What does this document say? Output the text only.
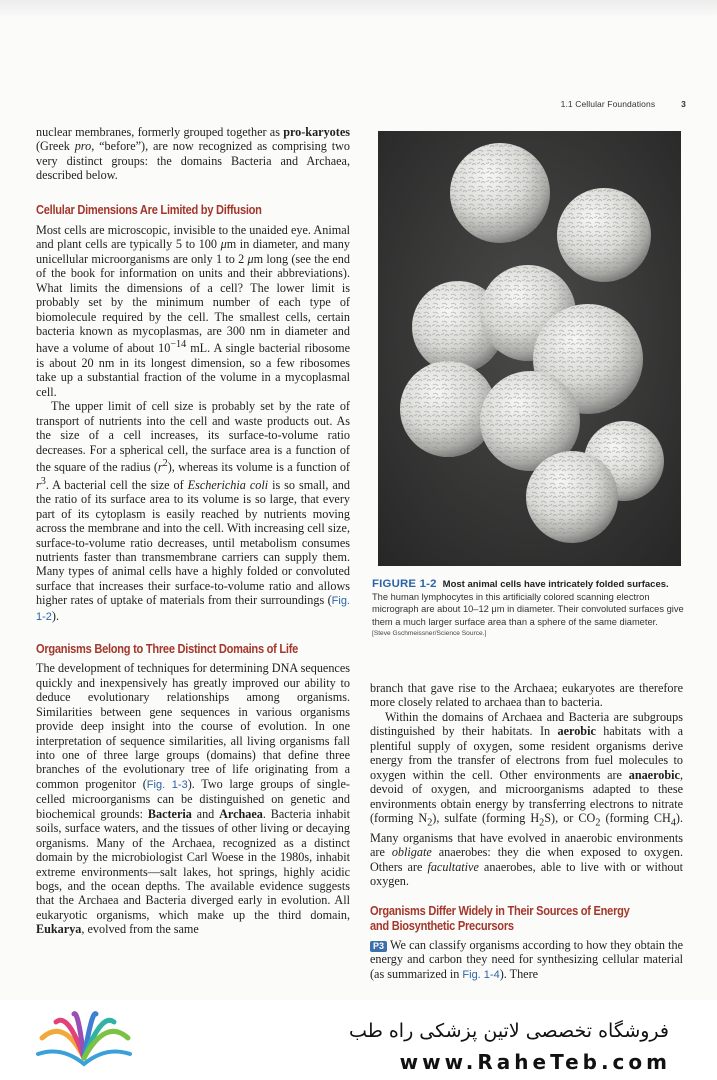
1.1 Cellular Foundations	3

nuclear membranes, formerly grouped together as pro-karyotes (Greek pro, “before”), are now recognized as comprising two very distinct groups: the domains Bacteria and Archaea, described below.

Cellular Dimensions Are Limited by Diffusion

Most cells are microscopic, invisible to the unaided eye. Animal and plant cells are typically 5 to 100 μm in diameter, and many unicellular microorganisms are only 1 to 2 μm long (see the end of the book for information on units and their abbreviations). What limits the dimensions of a cell? The lower limit is probably set by the minimum number of each type of biomolecule required by the cell. The smallest cells, certain bacteria known as mycoplasmas, are 300 nm in diameter and have a volume of about $10^{-14}$ mL. A single bacterial ribosome is about 20 nm in its longest dimension, so a few ribosomes take up a substantial fraction of the volume in a mycoplasmal cell.

The upper limit of cell size is probably set by the rate of transport of nutrients into the cell and waste products out. As the size of a cell increases, its surface-to-volume ratio decreases. For a spherical cell, the surface area is a function of the square of the radius $(r^2)$, whereas its volume is a function of $r^3$. A bacterial cell the size of Escherichia coli is so small, and the ratio of its surface area to its volume is so large, that every part of its cytoplasm is easily reached by nutrients moving across the membrane and into the cell. With increasing cell size, surface-to-volume ratio decreases, until metabolism consumes nutrients faster than transmembrane carriers can supply them. Many types of animal cells have a highly folded or convoluted surface that increases their surface-to-volume ratio and allows higher rates of uptake of materials from their surroundings (Fig. 1-2).

Organisms Belong to Three Distinct Domains of Life

The development of techniques for determining DNA sequences quickly and inexpensively has greatly improved our ability to deduce evolutionary relationships among organisms. Similarities between gene sequences in various organisms provide deep insight into the course of evolution. In one interpretation of sequence similarities, all living organisms fall into one of three large groups (domains) that define three branches of the evolutionary tree of life originating from a common progenitor (Fig. 1-3). Two large groups of single-celled microorganisms can be distinguished on genetic and biochemical grounds: Bacteria and Archaea. Bacteria inhabit soils, surface waters, and the tissues of other living or decaying organisms. Many of the Archaea, recognized as a distinct domain by the microbiologist Carl Woese in the 1980s, inhabit extreme environments—salt lakes, hot springs, highly acidic bogs, and the ocean depths. The available evidence suggests that the Archaea and Bacteria diverged early in evolution. All eukaryotic organisms, which make up the third domain, Eukarya, evolved from the same

FIGURE 1-2 Most animal cells have intricately folded surfaces.
The human lymphocytes in this artificially colored scanning electron micrograph are about 10–12 μm in diameter. Their convoluted surfaces give them a much larger surface area than a sphere of the same diameter.
[Steve Gschmeissner/Science Source.]

branch that gave rise to the Archaea; eukaryotes are therefore more closely related to archaea than to bacteria.

Within the domains of Archaea and Bacteria are subgroups distinguished by their habitats. In aerobic habitats with a plentiful supply of oxygen, some resident organisms derive energy from the transfer of electrons from fuel molecules to oxygen within the cell. Other environments are anaerobic, devoid of oxygen, and microorganisms adapted to these environments obtain energy by transferring electrons to nitrate (forming $N_2$), sulfate (forming $H_2S$), or $CO_2$ (forming $CH_4$). Many organisms that have evolved in anaerobic environments are obligate anaerobes: they die when exposed to oxygen. Others are facultative anaerobes, able to live with or without oxygen.

Organisms Differ Widely in Their Sources of Energy
and Biosynthetic Precursors

P3 We can classify organisms according to how they obtain the energy and carbon they need for synthesizing cellular material (as summarized in Fig. 1-4). There

فروشگاه تخصصی لاتین پزشکی راه طب
www.RaheTeb.com
